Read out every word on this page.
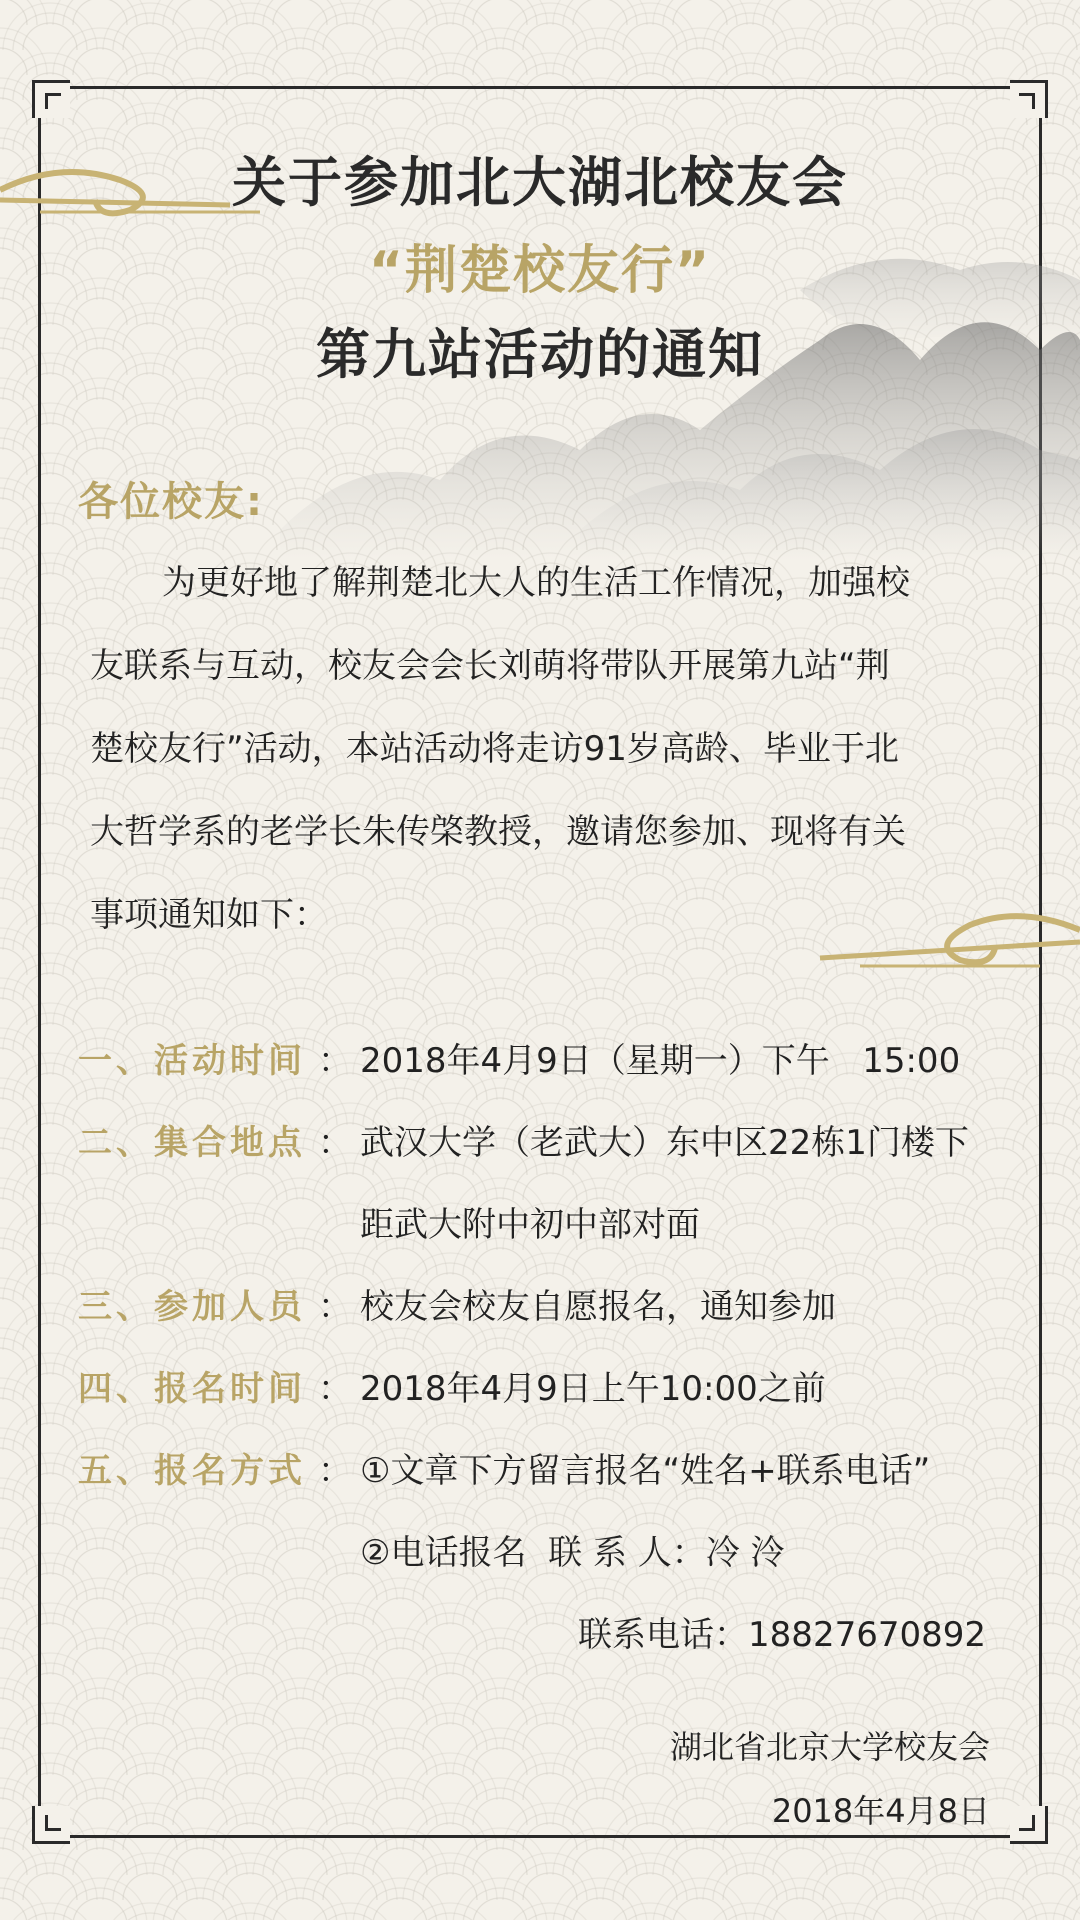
关于参加北大湖北校友会
“荆楚校友行”
第九站活动的通知
各位校友:
为更好地了解荆楚北大人的生活工作情况，加强校
友联系与互动，校友会会长刘萌将带队开展第九站“荆
楚校友行”活动，本站活动将走访91岁高龄、毕业于北
大哲学系的老学长朱传棨教授，邀请您参加、现将有关
事项通知如下：
一、活动时间 ： 2018年4月9日（星期一）下午   15:00
二、集合地点 ： 武汉大学（老武大）东中区22栋1门楼下
距武大附中初中部对面
三、参加人员 ： 校友会校友自愿报名，通知参加
四、报名时间 ： 2018年4月9日上午10:00之前
五、报名方式 ： ①文章下方留言报名“姓名+联系电话”
②电话报名  联 系 人：冷 泠
联系电话：18827670892
湖北省北京大学校友会
2018年4月8日
